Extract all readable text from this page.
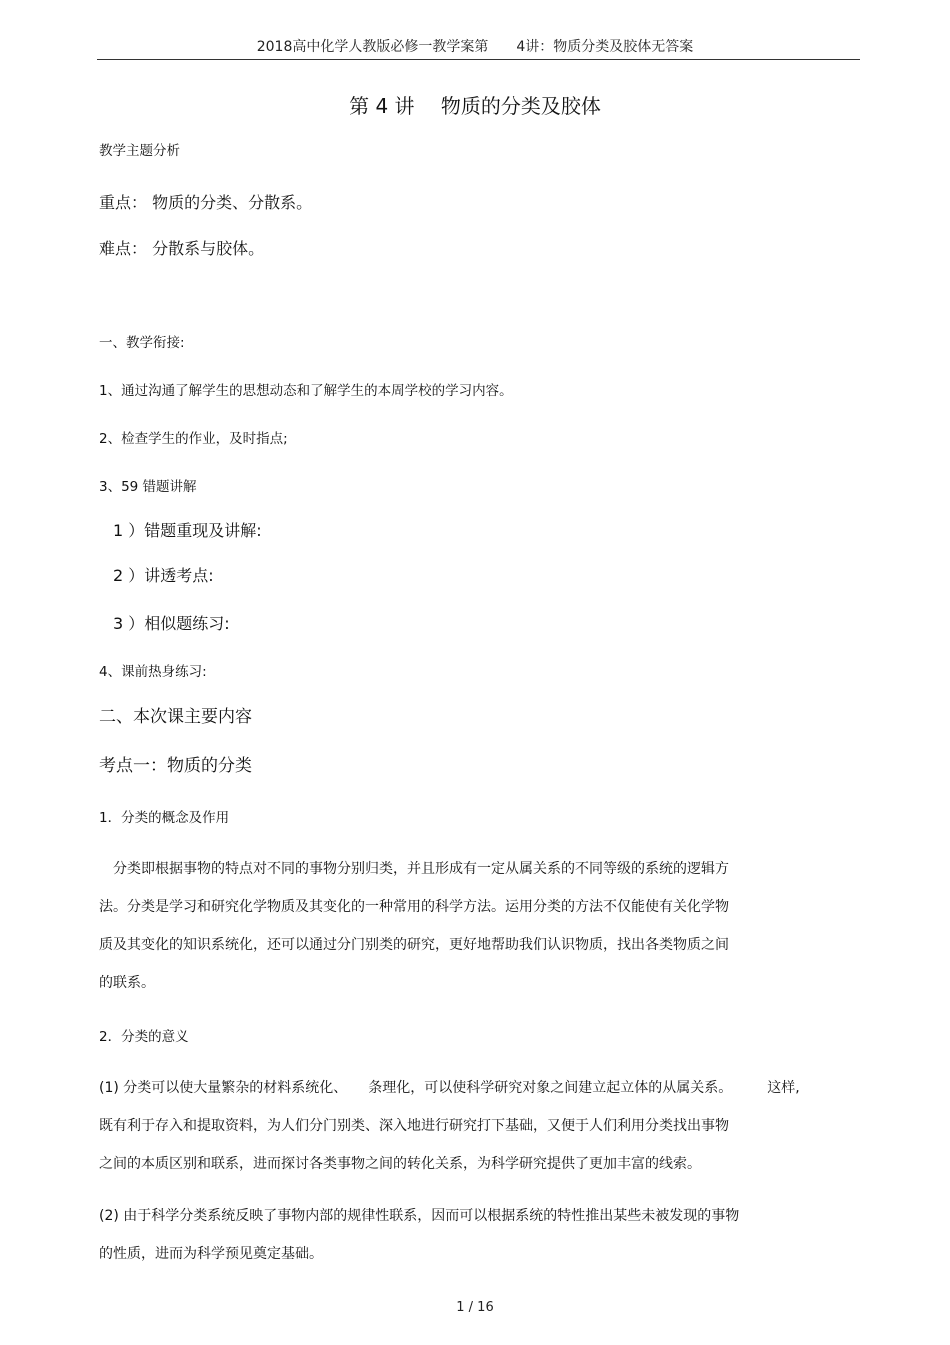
2018高中化学人教版必修一教学案第　　4讲：物质分类及胶体无答案
第 4 讲　 物质的分类及胶体
教学主题分析
重点： 物质的分类、分散系。
难点： 分散系与胶体。
一、教学衔接:
1、通过沟通了解学生的思想动态和了解学生的本周学校的学习内容。
2、检查学生的作业，及时指点;
3、59 错题讲解
1 ）错题重现及讲解:
2 ）讲透考点:
3 ）相似题练习:
4、课前热身练习:
二、本次课主要内容
考点一：物质的分类
1．分类的概念及作用
　分类即根据事物的特点对不同的事物分别归类，并且形成有一定从属关系的不同等级的系统的逻辑方
法。分类是学习和研究化学物质及其变化的一种常用的科学方法。运用分类的方法不仅能使有关化学物
质及其变化的知识系统化，还可以通过分门别类的研究，更好地帮助我们认识物质，找出各类物质之间
的联系。
2．分类的意义
(1) 分类可以使大量繁杂的材料系统化、　　条理化，可以使科学研究对象之间建立起立体的从属关系。　　　这样,
既有利于存入和提取资料，为人们分门别类、深入地进行研究打下基础，又便于人们利用分类找出事物
之间的本质区别和联系，进而探讨各类事物之间的转化关系，为科学研究提供了更加丰富的线索。
(2) 由于科学分类系统反映了事物内部的规律性联系，因而可以根据系统的特性推出某些未被发现的事物
的性质，进而为科学预见奠定基础。
1 / 16
